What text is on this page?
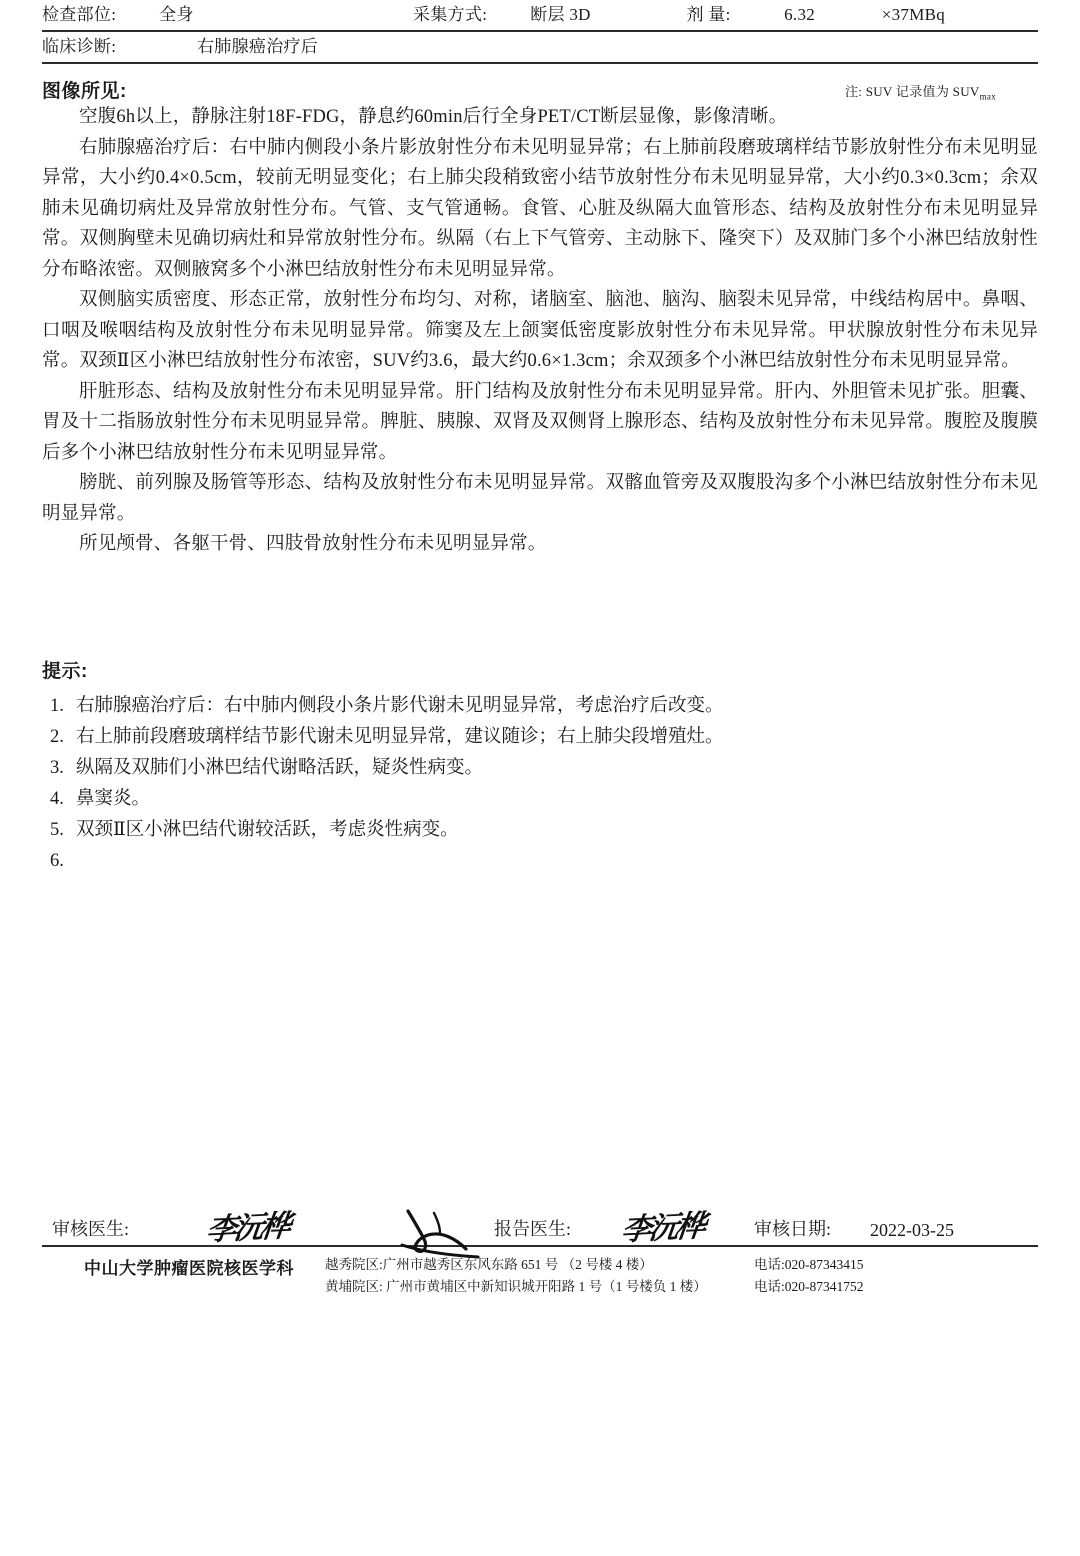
检查部位:	全身	采集方式:	断层 3D	剂 量:	6.32	×37MBq
临床诊断:	右肺腺癌治疗后
图像所见:	注: SUV 记录值为 $SUV_{max}$

空腹6h以上，静脉注射18F-FDG，静息约60min后行全身PET/CT断层显像，影像清晰。

右肺腺癌治疗后：右中肺内侧段小条片影放射性分布未见明显异常；右上肺前段磨玻璃样结节影放射性分布未见明显异常，大小约0.4×0.5cm，较前无明显变化；右上肺尖段稍致密小结节放射性分布未见明显异常，大小约0.3×0.3cm；余双肺未见确切病灶及异常放射性分布。气管、支气管通畅。食管、心脏及纵隔大血管形态、结构及放射性分布未见明显异常。双侧胸壁未见确切病灶和异常放射性分布。纵隔（右上下气管旁、主动脉下、隆突下）及双肺门多个小淋巴结放射性分布略浓密。双侧腋窝多个小淋巴结放射性分布未见明显异常。

双侧脑实质密度、形态正常，放射性分布均匀、对称，诸脑室、脑池、脑沟、脑裂未见异常，中线结构居中。鼻咽、口咽及喉咽结构及放射性分布未见明显异常。筛窦及左上颌窦低密度影放射性分布未见异常。甲状腺放射性分布未见异常。双颈Ⅱ区小淋巴结放射性分布浓密，SUV约3.6，最大约0.6×1.3cm；余双颈多个小淋巴结放射性分布未见明显异常。

肝脏形态、结构及放射性分布未见明显异常。肝门结构及放射性分布未见明显异常。肝内、外胆管未见扩张。胆囊、胃及十二指肠放射性分布未见明显异常。脾脏、胰腺、双肾及双侧肾上腺形态、结构及放射性分布未见异常。腹腔及腹膜后多个小淋巴结放射性分布未见明显异常。

膀胱、前列腺及肠管等形态、结构及放射性分布未见明显异常。双髂血管旁及双腹股沟多个小淋巴结放射性分布未见明显异常。

所见颅骨、各躯干骨、四肢骨放射性分布未见明显异常。

提示:
1. 右肺腺癌治疗后：右中肺内侧段小条片影代谢未见明显异常，考虑治疗后改变。
2. 右上肺前段磨玻璃样结节影代谢未见明显异常，建议随诊；右上肺尖段增殖灶。
3. 纵隔及双肺们小淋巴结代谢略活跃，疑炎性病变。
4. 鼻窦炎。
5. 双颈Ⅱ区小淋巴结代谢较活跃，考虑炎性病变。
6.
审核医生:	李沅桦	报告医生: 李沅桦	审核日期: 2022-03-25
中山大学肿瘤医院核医学科 越秀院区:广州市越秀区东风东路 651 号 （2 号楼 4 楼）
黄埔院区: 广州市黄埔区中新知识城开阳路 1 号（1 号楼负 1 楼）
电话:020-87343415
电话:020-87341752
